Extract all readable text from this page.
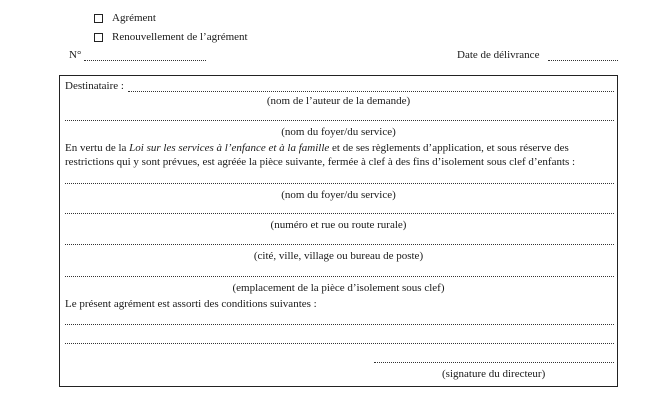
Agrément
Renouvellement de l’agrément
N°	Date de délivrance
Destinataire :
(nom de l’auteur de la demande)
(nom du foyer/du service)
En vertu de la Loi sur les services à l’enfance et à la famille et de ses règlements d’application, et sous réserve des
restrictions qui y sont prévues, est agréée la pièce suivante, fermée à clef à des fins d’isolement sous clef d’enfants :
(nom du foyer/du service)
(numéro et rue ou route rurale)
(cité, ville, village ou bureau de poste)
(emplacement de la pièce d’isolement sous clef)
Le présent agrément est assorti des conditions suivantes :
(signature du directeur)
